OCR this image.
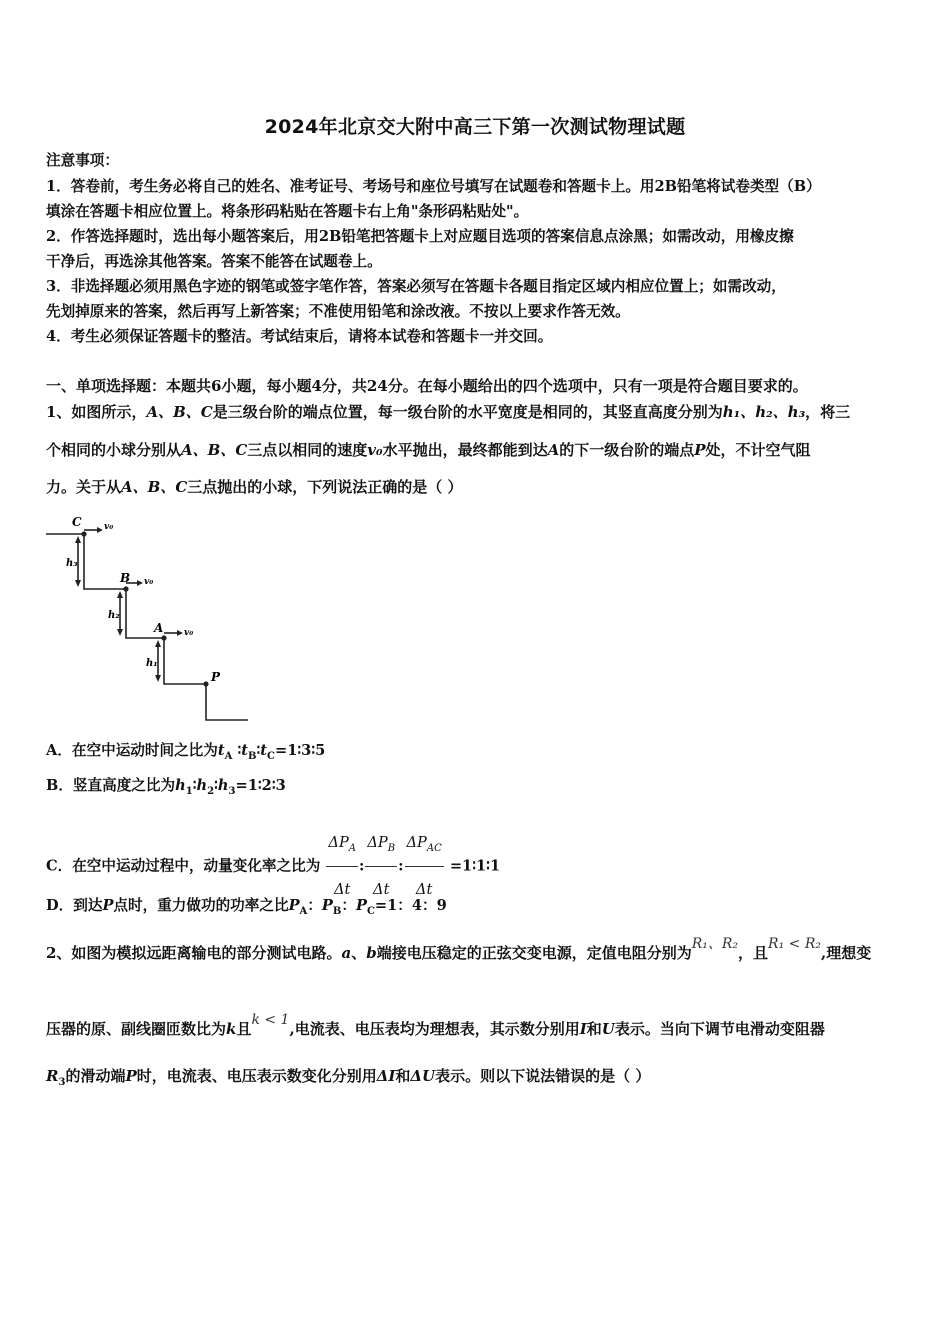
2024年北京交大附中高三下第一次测试物理试题
注意事项：
1．答卷前，考生务必将自己的姓名、准考证号、考场号和座位号填写在试题卷和答题卡上。用2B铅笔将试卷类型（B）
填涂在答题卡相应位置上。将条形码粘贴在答题卡右上角"条形码粘贴处"。
2．作答选择题时，选出每小题答案后，用2B铅笔把答题卡上对应题目选项的答案信息点涂黑；如需改动，用橡皮擦
干净后，再选涂其他答案。答案不能答在试题卷上。
3．非选择题必须用黑色字迹的钢笔或签字笔作答，答案必须写在答题卡各题目指定区域内相应位置上；如需改动，
先划掉原来的答案，然后再写上新答案；不准使用铅笔和涂改液。不按以上要求作答无效。
4．考生必须保证答题卡的整洁。考试结束后，请将本试卷和答题卡一并交回。
一、单项选择题：本题共6小题，每小题4分，共24分。在每小题给出的四个选项中，只有一项是符合题目要求的。
1、如图所示，A、B、C是三级台阶的端点位置，每一级台阶的水平宽度是相同的，其竖直高度分别为h₁、h₂、h₃，将三
个相同的小球分别从A、B、C三点以相同的速度v₀水平抛出，最终都能到达A的下一级台阶的端点P处，不计空气阻
力。关于从A、B、C三点抛出的小球，下列说法正确的是（ ）
C
B
A
P
v₀
v₀
v₀
h₃
h₂
h₁
A．在空中运动时间之比为$t_A$ $∶t_B∶t_C=1∶3∶5$
B．竖直高度之比为$h_1∶h_2∶h_3=1∶2∶3$
C．在空中运动过程中，动量变化率之比为 $\frac{\Delta P_A}{\Delta t}$ : $\frac{\Delta P_B}{\Delta t}$ : $\frac{\Delta P_{AC}}{\Delta t}$ =1∶1∶1
D．到达P点时，重力做功的功率之比$P_A$：$P_B$：$P_C=1$：4：9
2、如图为模拟远距离输电的部分测试电路。a、b端接电压稳定的正弦交变电源，定值电阻分别为R₁、R₂，且R₁ < R₂,理想变
压器的原、副线圈匝数比为k且k < 1,电流表、电压表均为理想表，其示数分别用I和U表示。当向下调节电滑动变阻器
$R_3$的滑动端P时，电流表、电压表示数变化分别用ΔI和ΔU表示。则以下说法错误的是（ ）
